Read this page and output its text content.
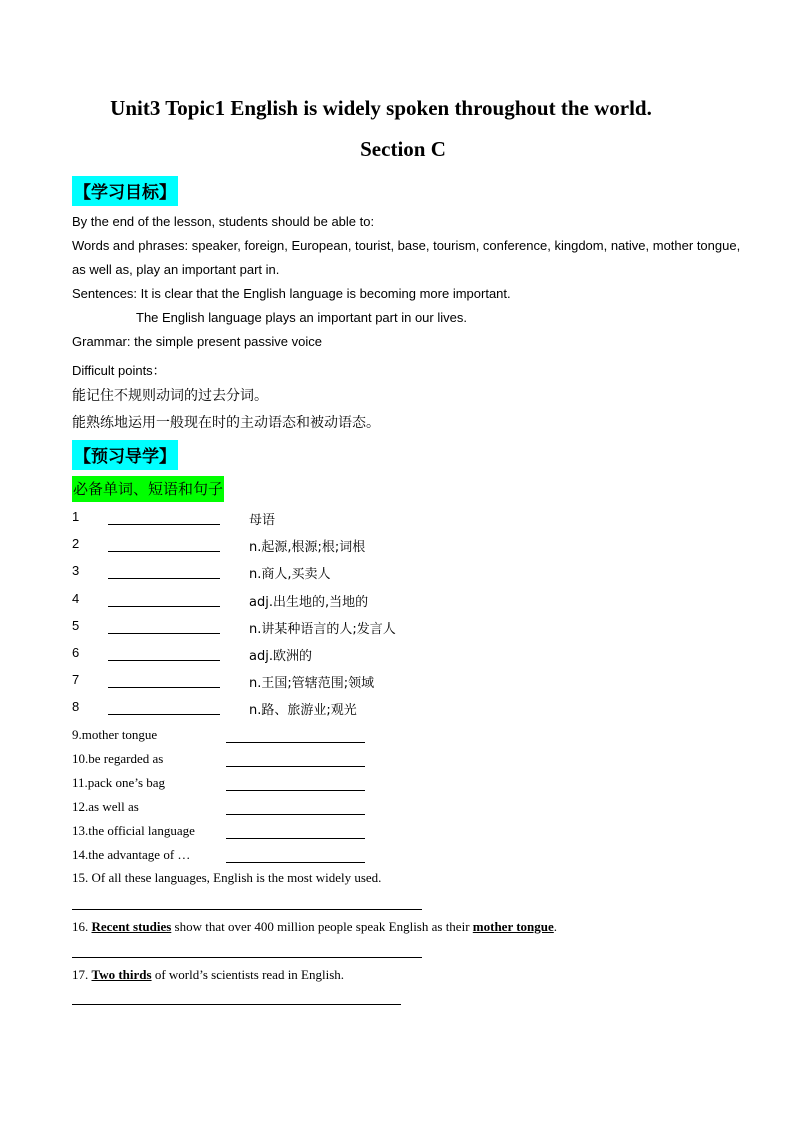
Unit3 Topic1 English is widely spoken throughout the world.
Section C
【学习目标】
By the end of the lesson, students should be able to:
Words and phrases: speaker, foreign, European, tourist, base, tourism, conference, kingdom, native, mother tongue,
as well as, play an important part in.
Sentences: It is clear that the English language is becoming more important.
The English language plays an important part in our lives.
Grammar: the simple present passive voice
Difficult points：
能记住不规则动词的过去分词。
能熟练地运用一般现在时的主动语态和被动语态。
【预习导学】
必备单词、短语和句子
1	母语
2	n.起源,根源;根;词根
3	n.商人,买卖人
4	adj.出生地的,当地的
5	n.讲某种语言的人;发言人
6	adj.欧洲的
7	n.王国;管辖范围;领域
8	n.路、旅游业;观光
9.mother tongue
10.be regarded as
11.pack one’s bag
12.as well as
13.the official language
14.the advantage of …
15. Of all these languages, English is the most widely used.
16. Recent studies show that over 400 million people speak English as their mother tongue.
17. Two thirds of world’s scientists read in English.
